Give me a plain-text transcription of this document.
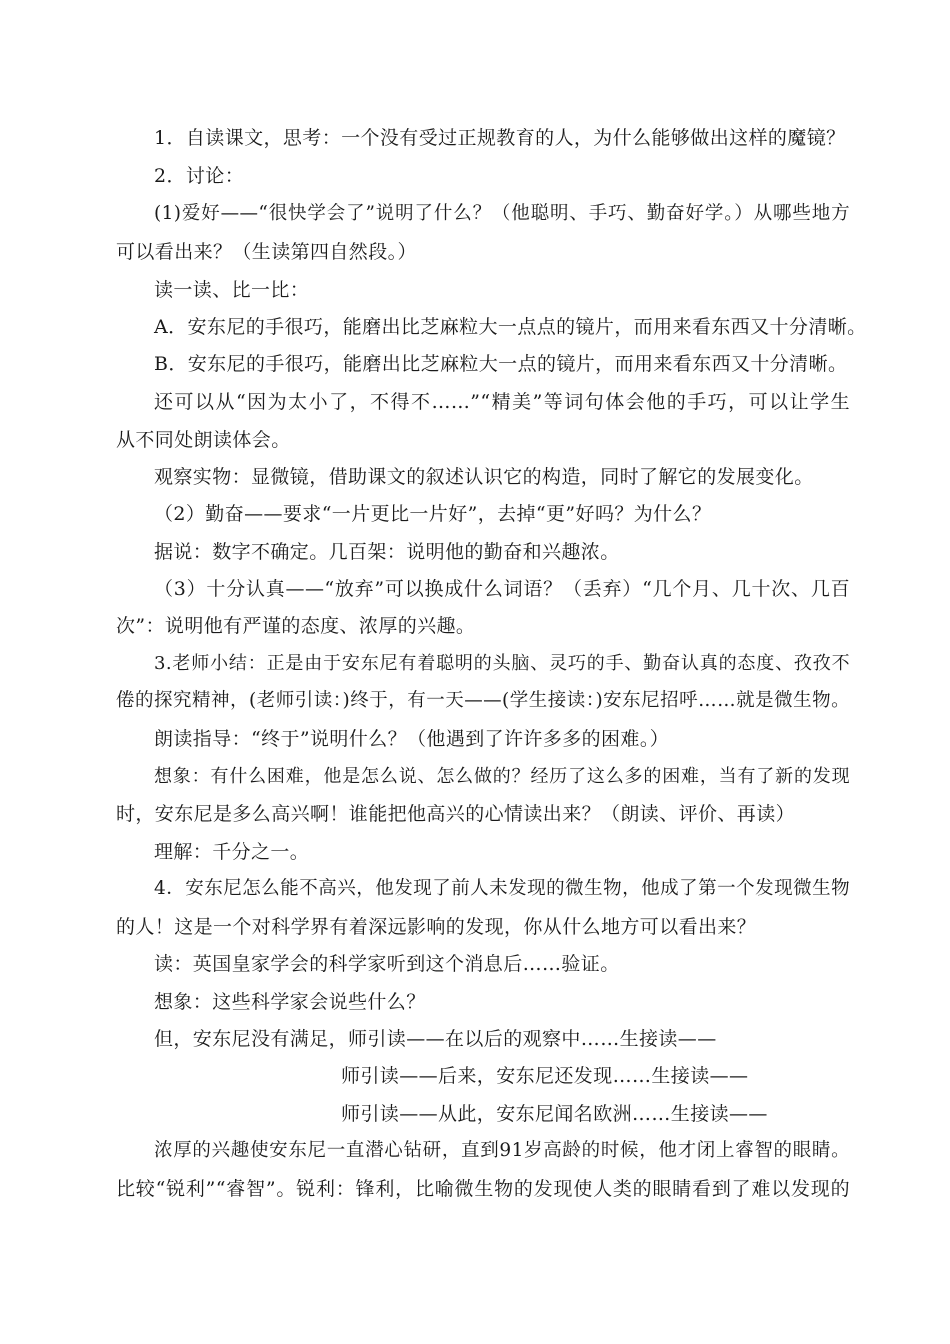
1．自读课文，思考：一个没有受过正规教育的人，为什么能够做出这样的魔镜？
2．讨论：
(1)爱好——“很快学会了”说明了什么？（他聪明、手巧、勤奋好学。）从哪些地方
可以看出来？（生读第四自然段。）
读一读、比一比：
A．安东尼的手很巧，能磨出比芝麻粒大一点点的镜片，而用来看东西又十分清晰。
B．安东尼的手很巧，能磨出比芝麻粒大一点的镜片，而用来看东西又十分清晰。
还可以从“因为太小了，不得不……”“精美”等词句体会他的手巧，可以让学生
从不同处朗读体会。
观察实物：显微镜，借助课文的叙述认识它的构造，同时了解它的发展变化。
（2）勤奋——要求“一片更比一片好”，去掉“更”好吗？为什么？
据说：数字不确定。几百架：说明他的勤奋和兴趣浓。
（3）十分认真——“放弃”可以换成什么词语？（丢弃）“几个月、几十次、几百
次”：说明他有严谨的态度、浓厚的兴趣。
3.老师小结：正是由于安东尼有着聪明的头脑、灵巧的手、勤奋认真的态度、孜孜不
倦的探究精神，(老师引读：)终于，有一天——(学生接读：)安东尼招呼……就是微生物。
朗读指导：“终于”说明什么？（他遇到了许许多多的困难。）
想象：有什么困难，他是怎么说、怎么做的？经历了这么多的困难，当有了新的发现
时，安东尼是多么高兴啊！谁能把他高兴的心情读出来？（朗读、评价、再读）
理解：千分之一。
4．安东尼怎么能不高兴，他发现了前人未发现的微生物，他成了第一个发现微生物
的人！这是一个对科学界有着深远影响的发现，你从什么地方可以看出来？
读：英国皇家学会的科学家听到这个消息后……验证。
想象：这些科学家会说些什么？
但，安东尼没有满足，师引读——在以后的观察中……生接读——
师引读——后来，安东尼还发现……生接读——
师引读——从此，安东尼闻名欧洲……生接读——
浓厚的兴趣使安东尼一直潜心钻研，直到91岁高龄的时候，他才闭上睿智的眼睛。
比较“锐利”“睿智”。锐利：锋利，比喻微生物的发现使人类的眼睛看到了难以发现的
